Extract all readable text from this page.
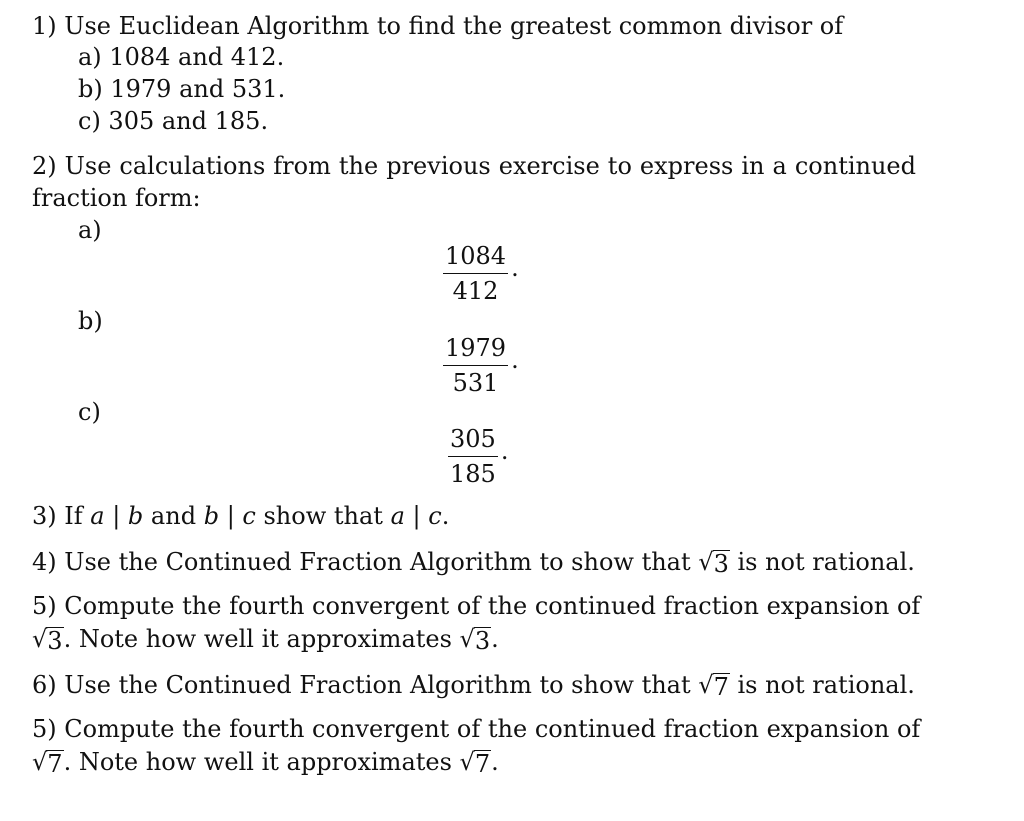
1) Use Euclidean Algorithm to find the greatest common divisor of
a) 1084 and 412.
b) 1979 and 531.
c) 305 and 185.
2) Use calculations from the previous exercise to express in a continued
fraction form:
a)
$\frac{1084}{412}$ .
b)
$\frac{1979}{531}$ .
c)
$\frac{305}{185}$ .
3) If a | b and b | c show that a | c.
4) Use the Continued Fraction Algorithm to show that √ 3 is not rational.
5) Compute the fourth convergent of the continued fraction expansion of
√ 3 . Note how well it approximates √ 3 .
6) Use the Continued Fraction Algorithm to show that √ 7 is not rational.
5) Compute the fourth convergent of the continued fraction expansion of
√ 7 . Note how well it approximates √ 7 .
